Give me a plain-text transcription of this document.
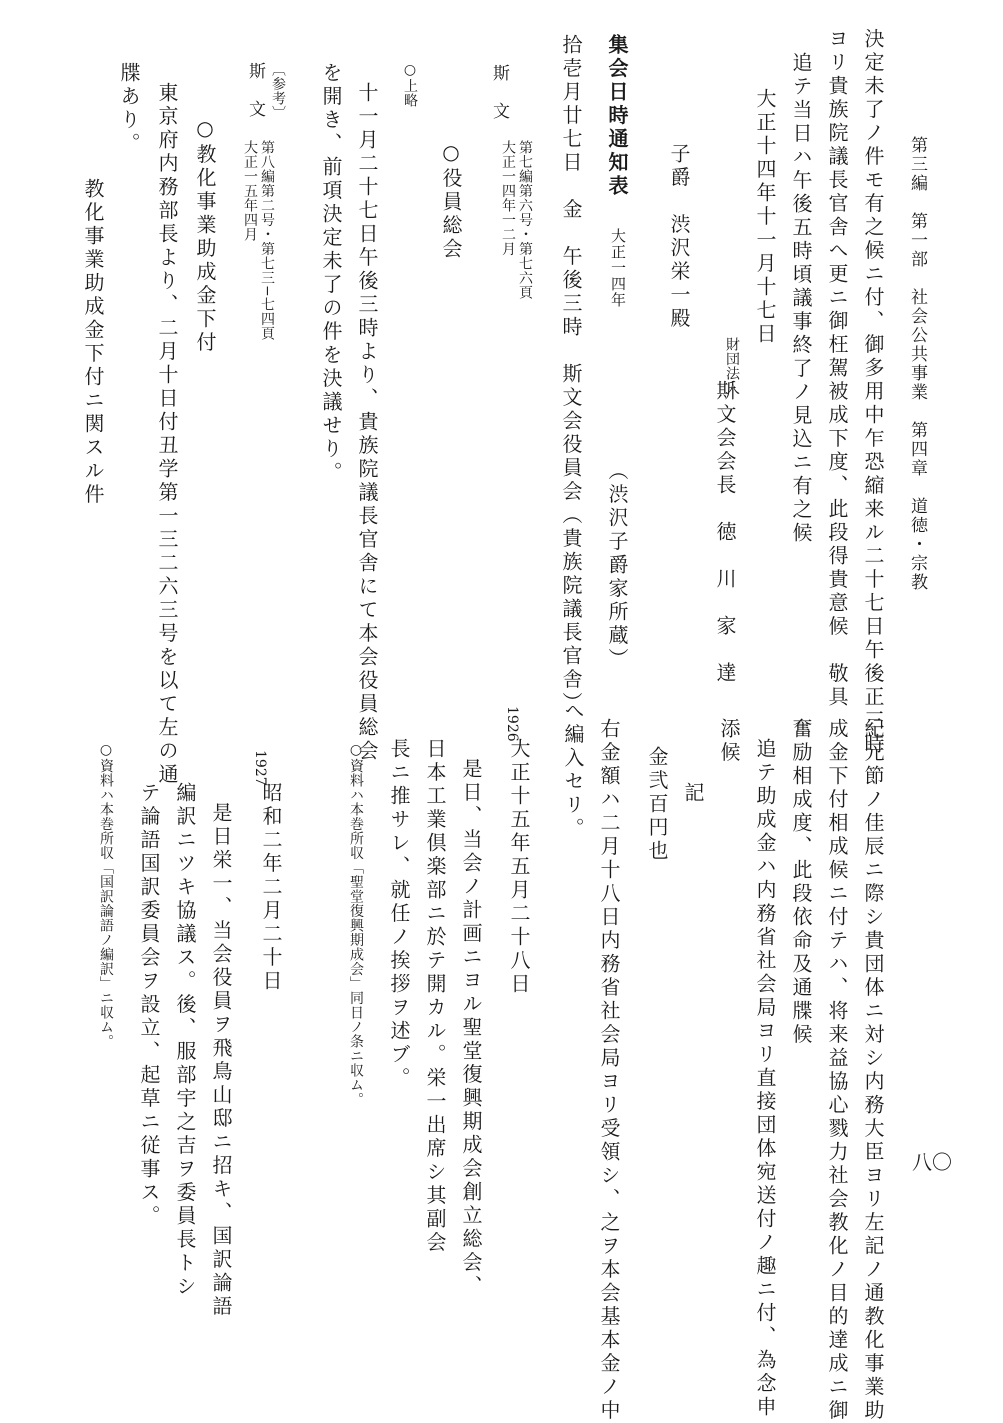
第三編　第一部　社会公共事業　第四章　道徳・宗教
八〇
決定未了ノ件モ有之候ニ付、御多用中乍恐縮来ル二十七日午後正三時
ヨリ貴族院議長官舎へ更ニ御枉駕被成下度、此段得貴意候　敬具
追テ当日ハ午後五時頃議事終了ノ見込ニ有之候
大正十四年十一月十七日
財団法人
斯文会会長　徳　川　家　達
子爵　渋沢栄一殿
（渋沢子爵家所蔵）
集会日時通知表
大正一四年
拾壱月廿七日　金　午後三時　斯文会役員会（貴族院議長官舎）
斯　文
第七編第六号・第七六頁
大正一四年一二月
○役員総会
○上略
十一月二十七日午後三時より、貴族院議長官舎にて本会役員総会
を開き、前項決定未了の件を決議せり。
〔参考〕
斯　文
第八編第二号・第七三−七四頁
大正一五年四月
○教化事業助成金下付
東京府内務部長より、二月十日付丑学第一三二六三号を以て左の通
牒あり。
教化事業助成金下付ニ関スル件
紀元節ノ佳辰ニ際シ貴団体ニ対シ内務大臣ヨリ左記ノ通教化事業助
成金下付相成候ニ付テハ、将来益協心戮力社会教化ノ目的達成ニ御
奮励相成度、此段依命及通牒候
追テ助成金ハ内務省社会局ヨリ直接団体宛送付ノ趣ニ付、為念申
添候
記
金弐百円也
右金額ハ二月十八日内務省社会局ヨリ受領シ、之ヲ本会基本金ノ中
へ編入セリ。
1926
大正十五年五月二十八日
是日、当会ノ計画ニヨル聖堂復興期成会創立総会、
日本工業倶楽部ニ於テ開カル。栄一出席シ其副会
長ニ推サレ、就任ノ挨拶ヲ述ブ。
○資料ハ本巻所収「聖堂復興期成会」同日ノ条ニ収ム。
1927
昭和二年二月二十日
是日栄一、当会役員ヲ飛鳥山邸ニ招キ、国訳論語
編訳ニツキ協議ス。後、服部宇之吉ヲ委員長トシ
テ論語国訳委員会ヲ設立、起草ニ従事ス。
○資料ハ本巻所収「国訳論語ノ編訳」ニ収ム。
